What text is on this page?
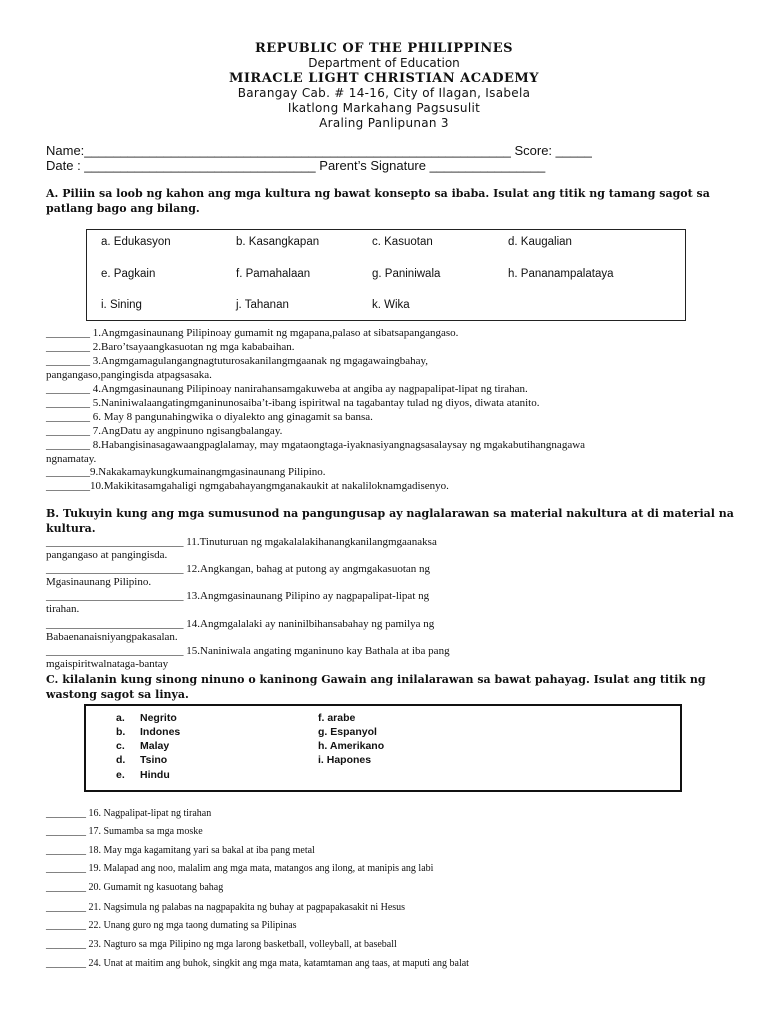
REPUBLIC OF THE PHILIPPINES
Department of Education
MIRACLE LIGHT CHRISTIAN ACADEMY
Barangay Cab. # 14-16, City of Ilagan, Isabela
Ikatlong Markahang Pagsusulit
Araling Panlipunan 3
Name:___________________________________________________________ Score: _____
Date : ________________________________ Parent’s Signature ________________
A. Piliin sa loob ng kahon ang mga kultura ng bawat konsepto sa ibaba. Isulat ang titik ng tamang sagot sa patlang bago ang bilang.
a. Edukasyon	b. Kasangkapan	c. Kasuotan	d. Kaugalian
e. Pagkain	f. Pamahalaan	g. Paniniwala	h. Pananampalataya
i. Sining	j. Tahanan	k. Wika
________ 1.Angmgasinaunang Pilipinoay gumamit ng mgapana,palaso at sibatsapangangaso.
________ 2.Baro’tsayaangkasuotan ng mga kababaihan.
________ 3.Angmgamagulangangnagtuturosakanilangmgaanak ng mgagawaingbahay,
pangangaso,pangingisda atpagsasaka.
________ 4.Angmgasinaunang Pilipinoay nanirahansamgakuweba at angiba ay nagpapalipat-lipat ng tirahan.
________ 5.Naniniwalaangatingmganinunosaiba’t-ibang ispiritwal na tagabantay tulad ng diyos, diwata atanito.
________ 6. May 8 pangunahingwika o diyalekto ang ginagamit sa bansa.
________ 7.AngDatu ay angpinuno ngisangbalangay.
________ 8.Habangisinasagawaangpaglalamay, may mgataongtaga-iyaknasiyangnagsasalaysay ng mgakabutihangnagawa
ngnamatay.
________9.Nakakamaykungkumainangmgasinaunang Pilipino.
________10.Makikitasamgahaligi ngmgabahayangmganakaukit at nakaliloknamgadisenyo.
B. Tukuyin kung ang mga sumusunod na pangungusap ay naglalarawan sa material nakultura at di material na kultura.
_________________________ 11.Tinuturuan ng mgakalalakihanangkanilangmgaanaksa
pangangaso at pangingisda.
_________________________ 12.Angkangan, bahag at putong ay angmgakasuotan ng
Mgasinaunang Pilipino.
_________________________ 13.Angmgasinaunang Pilipino ay nagpapalipat-lipat ng
tirahan.
_________________________ 14.Angmgalalaki ay naninilbihansabahay ng pamilya ng
Babaenanaisniyangpakasalan.
_________________________ 15.Naniniwala angating mganinuno kay Bathala at iba pang
mgaispiritwalnataga-bantay
C. kilalanin kung sinong ninuno o kaninong Gawain ang inilalarawan sa bawat pahayag. Isulat ang titik ng wastong sagot sa linya.
a. Negrito
b. Indones
c. Malay
d. Tsino
e. Hindu
f. arabe
g. Espanyol
h. Amerikano
i. Hapones
________ 16. Nagpalipat-lipat ng tirahan
________ 17. Sumamba sa mga moske
________ 18. May mga kagamitang yari sa bakal at iba pang metal
________ 19. Malapad ang noo, malalim ang mga mata, matangos ang ilong, at manipis ang labi
________ 20. Gumamit ng kasuotang bahag
________ 21. Nagsimula ng palabas na nagpapakita ng buhay at pagpapakasakit ni Hesus
________ 22. Unang guro ng mga taong dumating sa Pilipinas
________ 23. Nagturo sa mga Pilipino ng mga larong basketball, volleyball, at baseball
________ 24. Unat at maitim ang buhok, singkit ang mga mata, katamtaman ang taas, at maputi ang balat
